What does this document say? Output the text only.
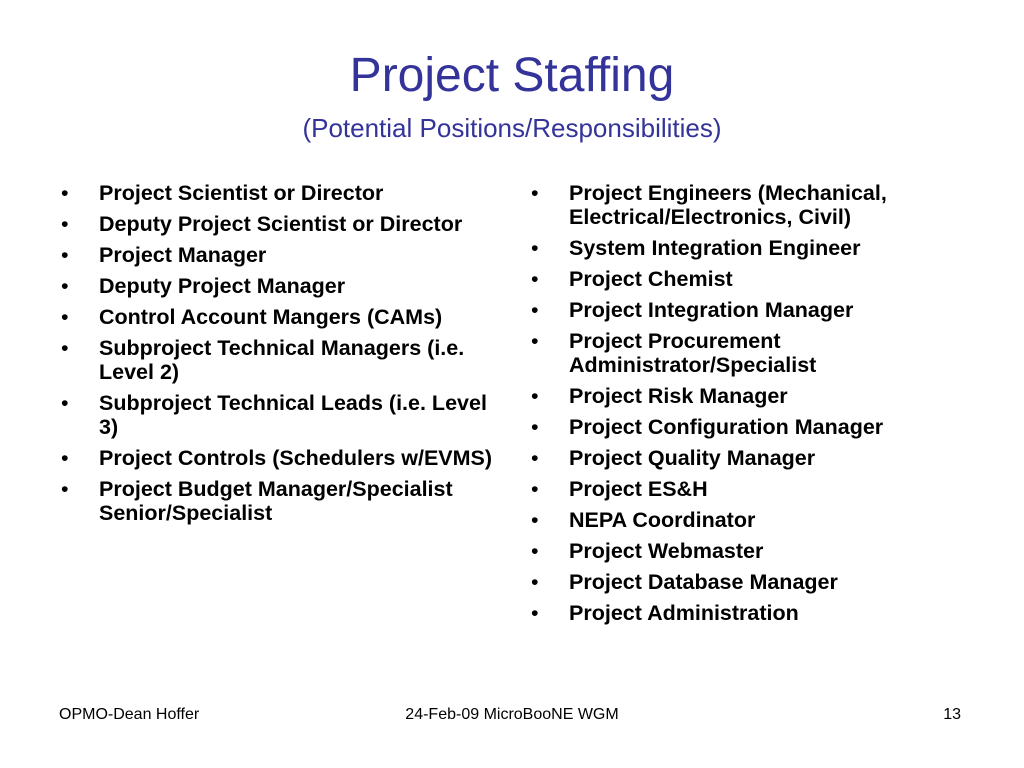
Project Staffing
(Potential Positions/Responsibilities)
• Project Scientist or Director
• Deputy Project Scientist or Director
• Project Manager
• Deputy Project Manager
• Control Account Mangers (CAMs)
• Subproject Technical Managers (i.e. Level 2)
• Subproject Technical Leads (i.e. Level 3)
• Project Controls (Schedulers w/EVMS)
• Project Budget Manager/Specialist Senior/Specialist
• Project Engineers (Mechanical, Electrical/Electronics, Civil)
• System Integration Engineer
• Project Chemist
• Project Integration Manager
• Project Procurement Administrator/Specialist
• Project Risk Manager
• Project Configuration Manager
• Project Quality Manager
• Project ES&H
• NEPA Coordinator
• Project Webmaster
• Project Database Manager
• Project Administration
OPMO-Dean Hoffer	24-Feb-09 MicroBooNE WGM	13
